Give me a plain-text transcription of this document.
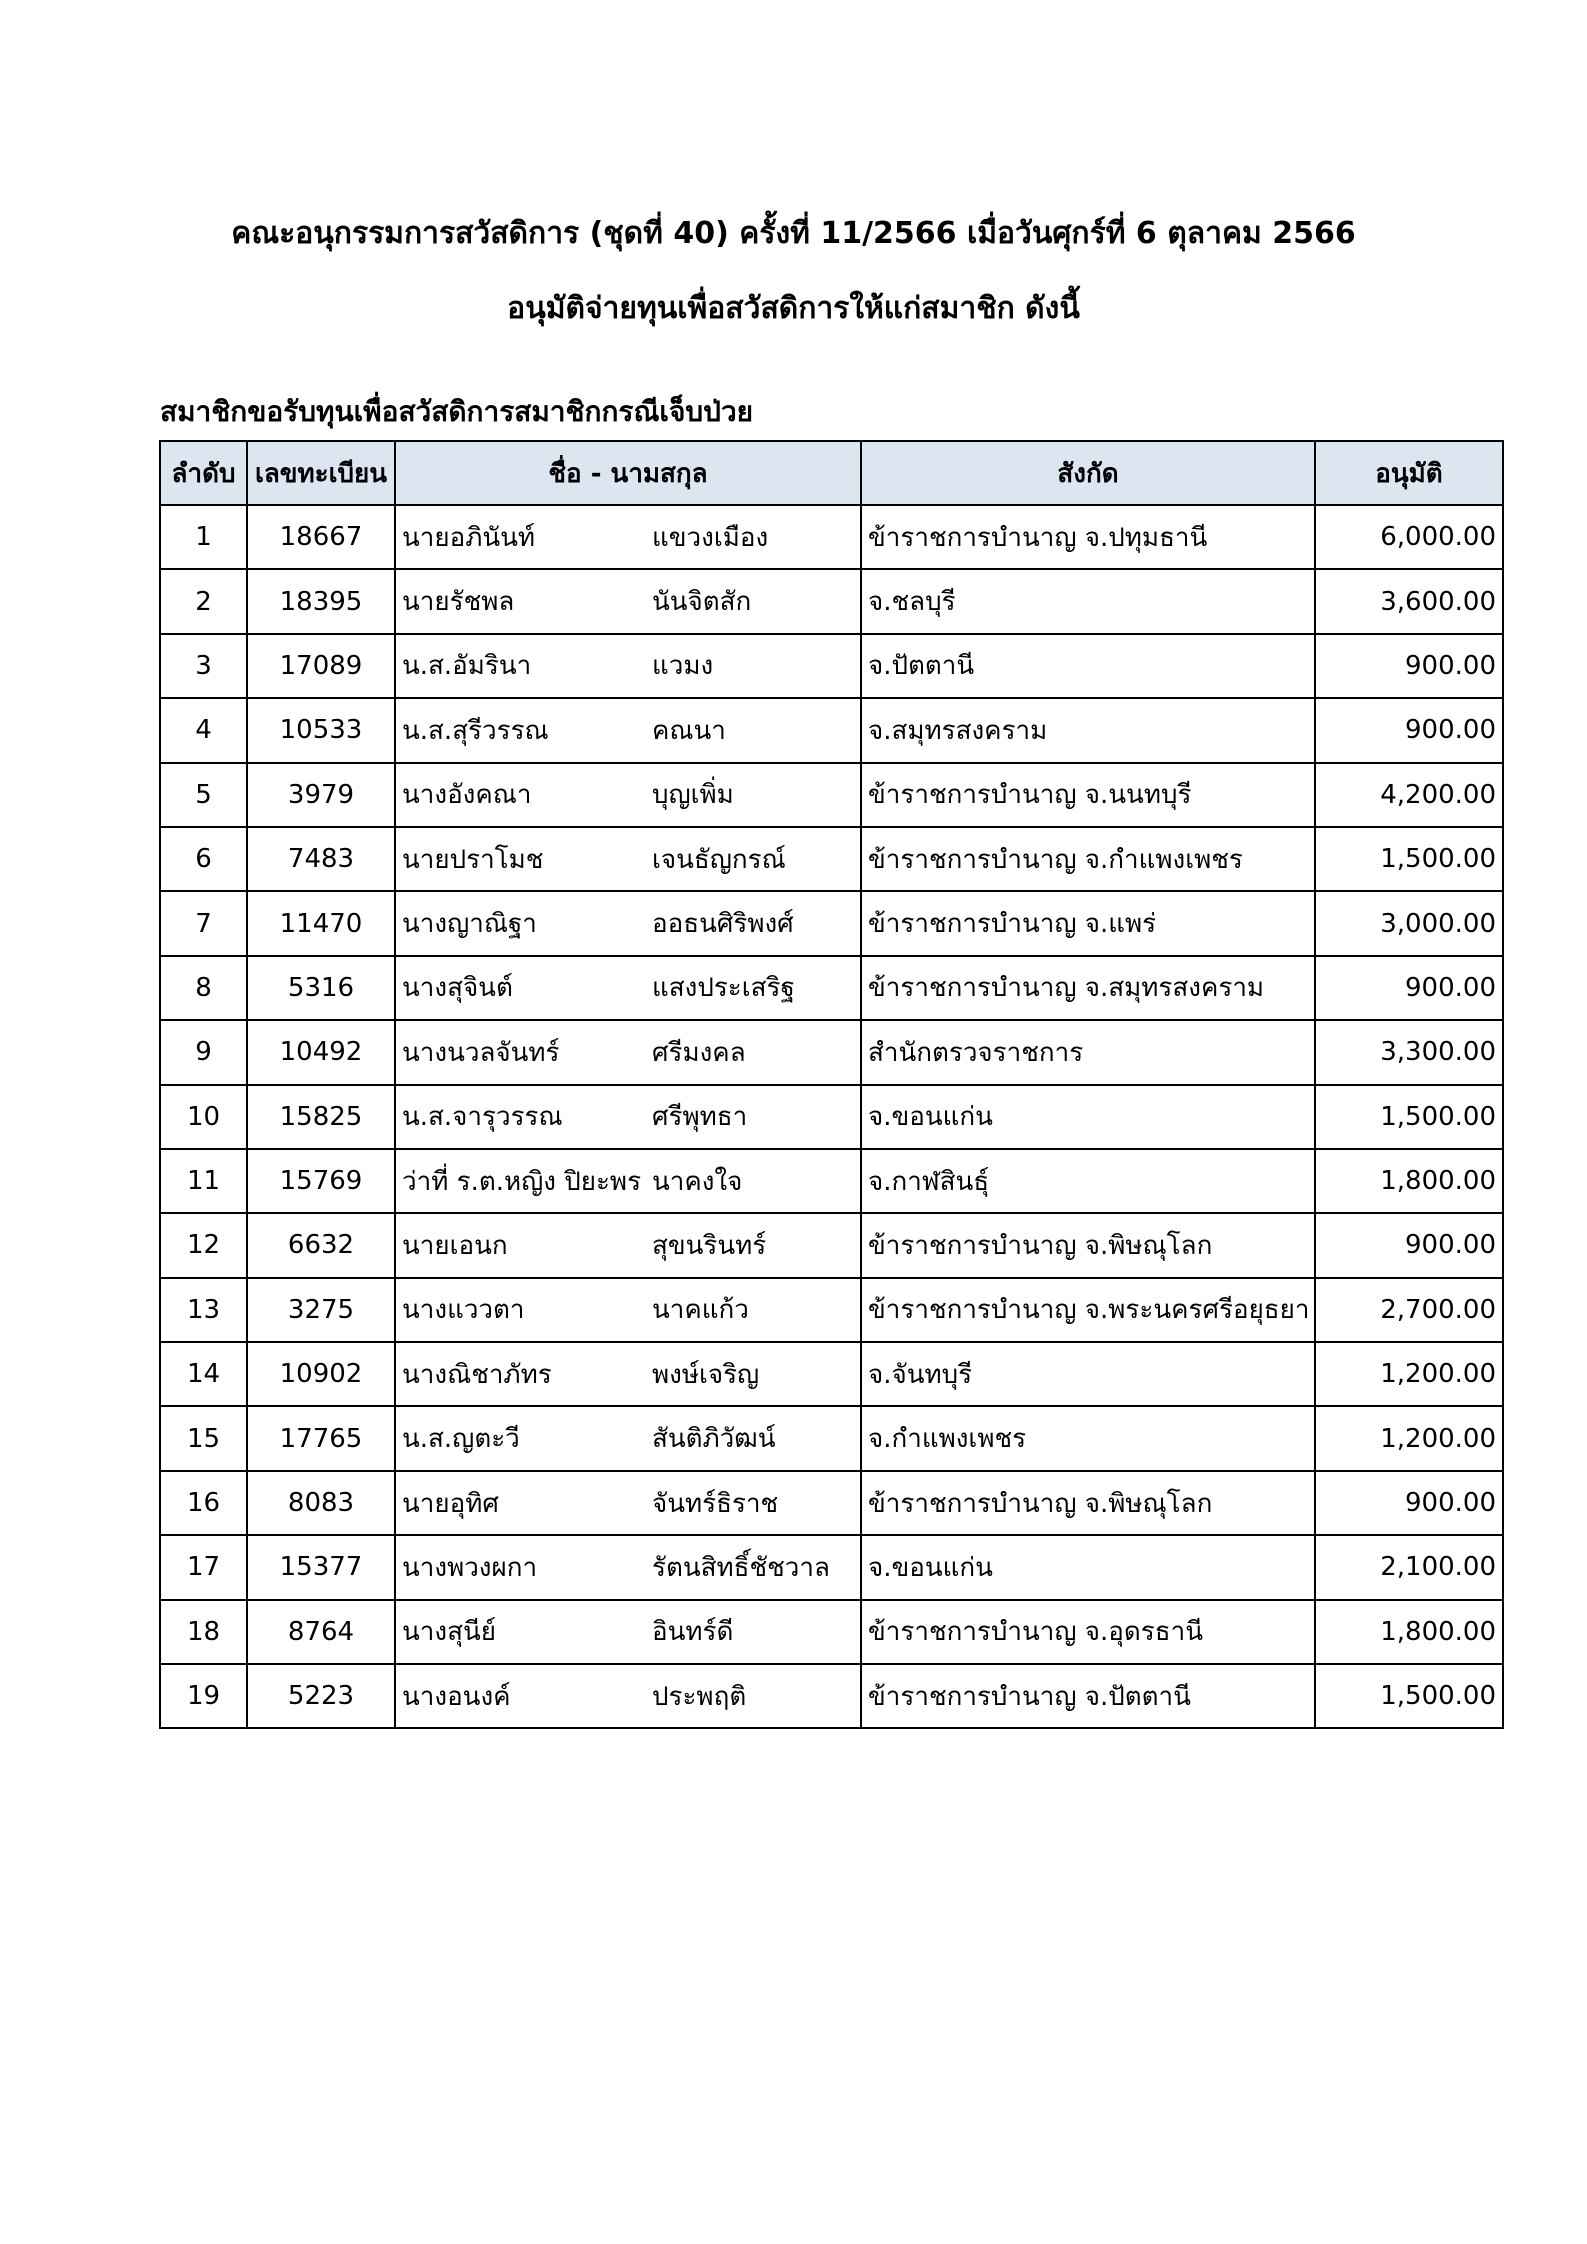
คณะอนุกรรมการสวัสดิการ (ชุดที่ 40) ครั้งที่ 11/2566 เมื่อวันศุกร์ที่ 6 ตุลาคม 2566
อนุมัติจ่ายทุนเพื่อสวัสดิการให้แก่สมาชิก ดังนี้
สมาชิกขอรับทุนเพื่อสวัสดิการสมาชิกกรณีเจ็บป่วย
ลำดับ	เลขทะเบียน	ชื่อ - นามสกุล	สังกัด	อนุมัติ
1	18667	นายอภินันท์ แขวงเมือง	ข้าราชการบำนาญ จ.ปทุมธานี	6,000.00
2	18395	นายรัชพล นันจิตสัก	จ.ชลบุรี	3,600.00
3	17089	น.ส.อัมรินา แวมง	จ.ปัตตานี	900.00
4	10533	น.ส.สุรีวรรณ คณนา	จ.สมุทรสงคราม	900.00
5	3979	นางอังคณา บุญเพิ่ม	ข้าราชการบำนาญ จ.นนทบุรี	4,200.00
6	7483	นายปราโมช เจนธัญกรณ์	ข้าราชการบำนาญ จ.กำแพงเพชร	1,500.00
7	11470	นางญาณิฐา ออธนศิริพงศ์	ข้าราชการบำนาญ จ.แพร่	3,000.00
8	5316	นางสุจินต์ แสงประเสริฐ	ข้าราชการบำนาญ จ.สมุทรสงคราม	900.00
9	10492	นางนวลจันทร์ ศรีมงคล	สำนักตรวจราชการ	3,300.00
10	15825	น.ส.จารุวรรณ ศรีพุทธา	จ.ขอนแก่น	1,500.00
11	15769	ว่าที่ ร.ต.หญิง ปิยะพร นาคงใจ	จ.กาฬสินธุ์	1,800.00
12	6632	นายเอนก สุขนรินทร์	ข้าราชการบำนาญ จ.พิษณุโลก	900.00
13	3275	นางแววตา นาคแก้ว	ข้าราชการบำนาญ จ.พระนครศรีอยุธยา	2,700.00
14	10902	นางณิชาภัทร พงษ์เจริญ	จ.จันทบุรี	1,200.00
15	17765	น.ส.ญตะวี สันติภิวัฒน์	จ.กำแพงเพชร	1,200.00
16	8083	นายอุทิศ จันทร์ธิราช	ข้าราชการบำนาญ จ.พิษณุโลก	900.00
17	15377	นางพวงผกา รัตนสิทธิ์ชัชวาล	จ.ขอนแก่น	2,100.00
18	8764	นางสุนีย์ อินทร์ดี	ข้าราชการบำนาญ จ.อุดรธานี	1,800.00
19	5223	นางอนงค์ ประพฤติ	ข้าราชการบำนาญ จ.ปัตตานี	1,500.00
